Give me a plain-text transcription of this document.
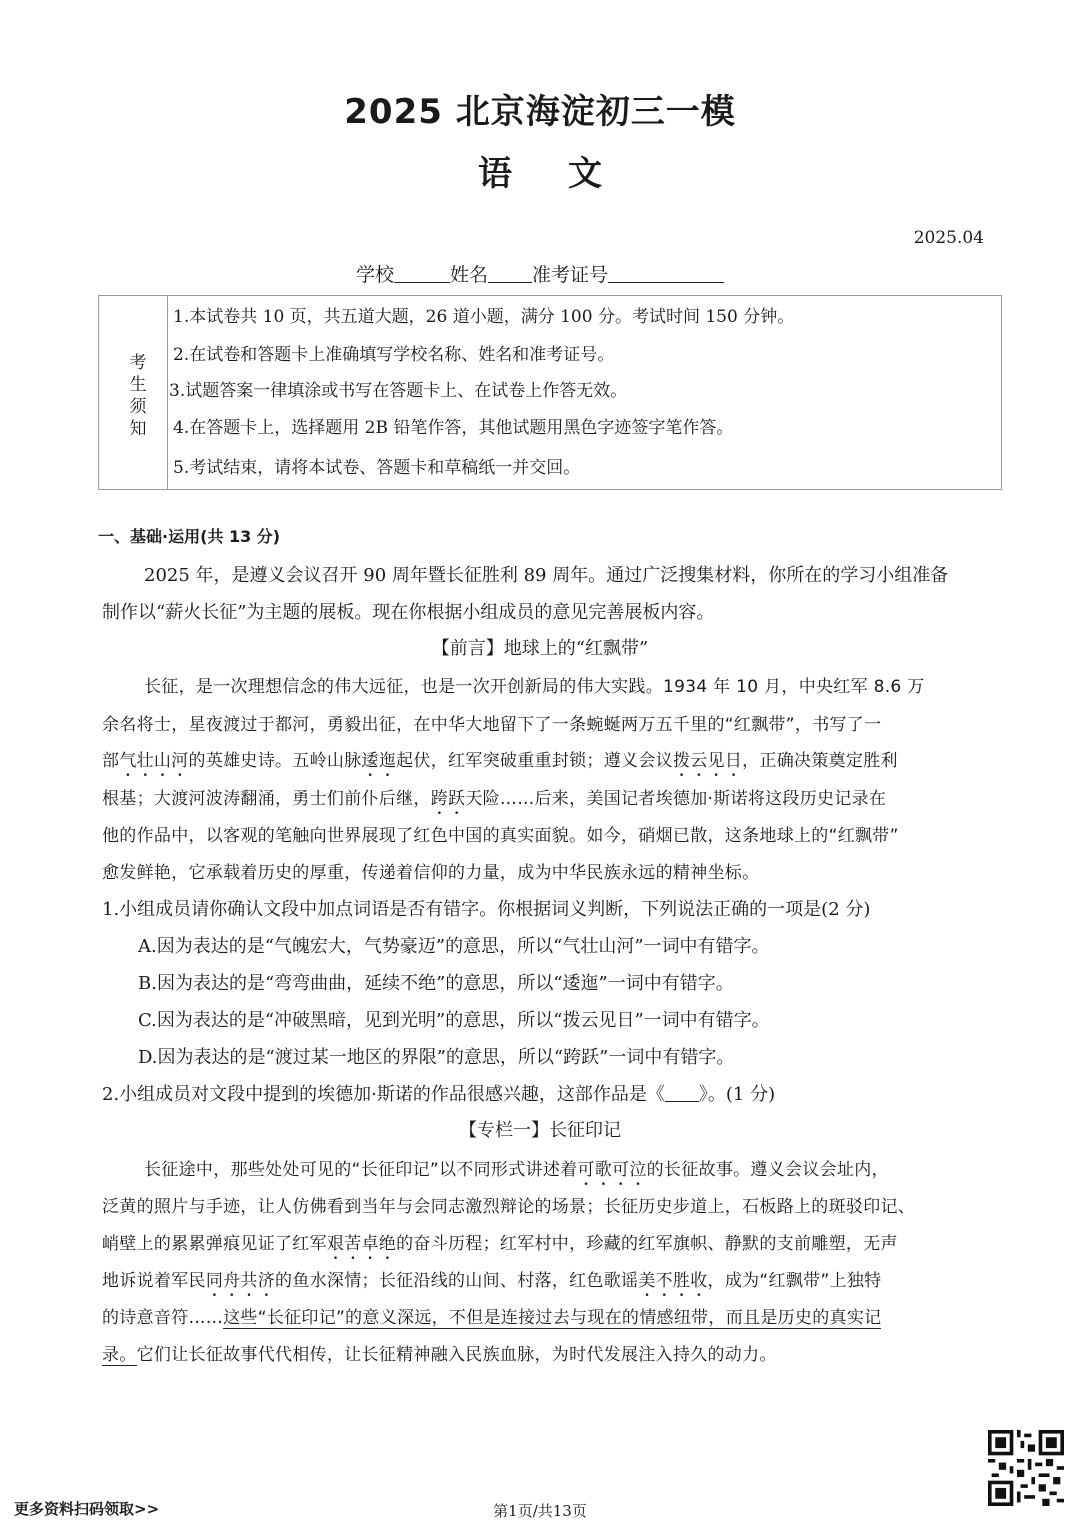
2025 北京海淀初三一模
语 文
2025.04
学校	姓名 准考证号
考
生
须
知
1.本试卷共 10 页，共五道大题，26 道小题，满分 100 分。考试时间 150 分钟。
2.在试卷和答题卡上准确填写学校名称、姓名和准考证号。
3.试题答案一律填涂或书写在答题卡上、在试卷上作答无效。
4.在答题卡上，选择题用 2B 铅笔作答，其他试题用黑色字迹签字笔作答。
5.考试结束，请将本试卷、答题卡和草稿纸一并交回。
一、基础·运用(共 13 分)
2025 年，是遵义会议召开 90 周年暨长征胜利 89 周年。通过广泛搜集材料，你所在的学习小组准备
制作以“薪火长征”为主题的展板。现在你根据小组成员的意见完善展板内容。
【前言】地球上的“红飘带”
长征，是一次理想信念的伟大远征，也是一次开创新局的伟大实践。1934 年 10 月，中央红军 8.6 万
余名将士，星夜渡过于都河，勇毅出征，在中华大地留下了一条蜿蜒两万五千里的“红飘带”，书写了一
部气壮山河的英雄史诗。五岭山脉逶迤起伏，红军突破重重封锁；遵义会议拨云见日，正确决策奠定胜利
根基；大渡河波涛翻涌，勇士们前仆后继，跨跃天险……后来，美国记者埃德加·斯诺将这段历史记录在
他的作品中，以客观的笔触向世界展现了红色中国的真实面貌。如今，硝烟已散，这条地球上的“红飘带”
愈发鲜艳，它承载着历史的厚重，传递着信仰的力量，成为中华民族永远的精神坐标。
1.小组成员请你确认文段中加点词语是否有错字。你根据词义判断，下列说法正确的一项是(2 分)
A.因为表达的是“气魄宏大，气势豪迈”的意思，所以“气壮山河”一词中有错字。
B.因为表达的是“弯弯曲曲，延续不绝”的意思，所以“逶迤”一词中有错字。
C.因为表达的是“冲破黑暗，见到光明”的意思，所以“拨云见日”一词中有错字。
D.因为表达的是“渡过某一地区的界限”的意思，所以“跨跃”一词中有错字。
2.小组成员对文段中提到的埃德加·斯诺的作品很感兴趣，这部作品是《 》。(1 分)
【专栏一】长征印记
长征途中，那些处处可见的“长征印记”以不同形式讲述着可歌可泣的长征故事。遵义会议会址内，
泛黄的照片与手迹，让人仿佛看到当年与会同志激烈辩论的场景；长征历史步道上，石板路上的斑驳印记、
峭壁上的累累弹痕见证了红军艰苦卓绝的奋斗历程；红军村中，珍藏的红军旗帜、静默的支前雕塑，无声
地诉说着军民同舟共济的鱼水深情；长征沿线的山间、村落，红色歌谣美不胜收，成为“红飘带”上独特
的诗意音符……这些“长征印记”的意义深远，不但是连接过去与现在的情感纽带，而且是历史的真实记
录。它们让长征故事代代相传，让长征精神融入民族血脉，为时代发展注入持久的动力。
更多资料扫码领取>>	第1页/共13页
